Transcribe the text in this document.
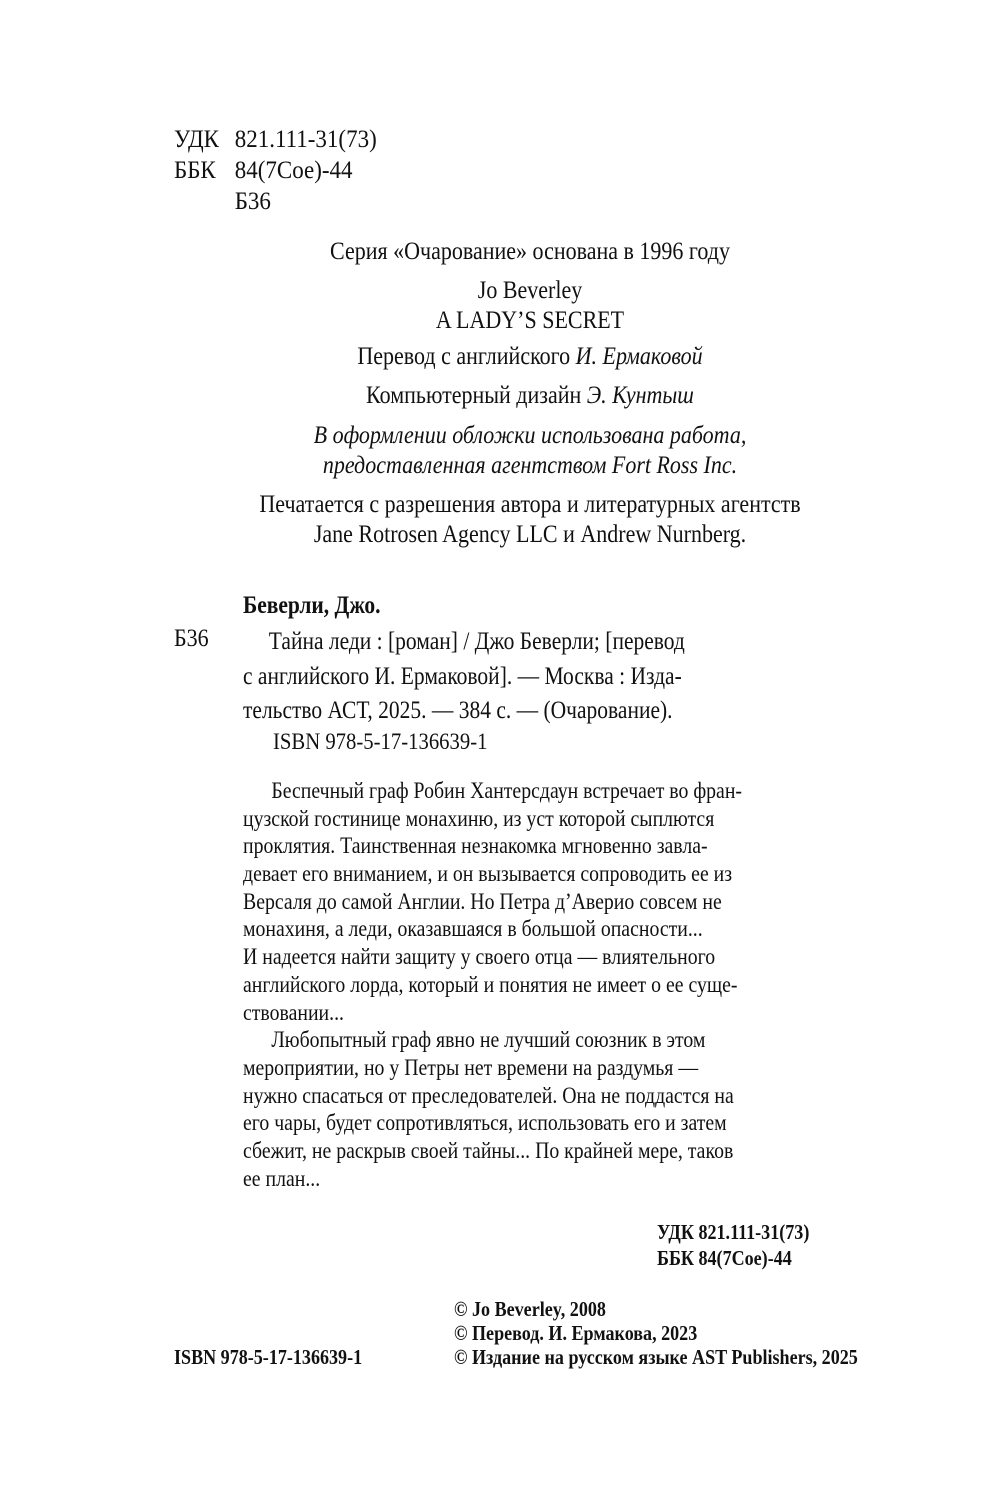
УДК 821.111-31(73)
ББК 84(7Сое)-44
Б36
Серия «Очарование» основана в 1996 году
Jo Beverley
A LADY’S SECRET
Перевод с английского И. Ермаковой
Компьютерный дизайн Э. Кунтыш
В оформлении обложки использована работа,
предоставленная агентством Fort Ross Inc.
Печатается с разрешения автора и литературных агентств
Jane Rotrosen Agency LLC и Andrew Nurnberg.
Беверли, Джо.
Б36	Тайна леди : [роман] / Джо Беверли; [перевод
с английского И. Ермаковой]. — Москва : Изда-
тельство АСТ, 2025. — 384 с. — (Очарование).
ISBN 978-5-17-136639-1
Беспечный граф Робин Хантерсдаун встречает во фран-
цузской гостинице монахиню, из уст которой сыплются
проклятия. Таинственная незнакомка мгновенно завла-
девает его вниманием, и он вызывается сопроводить ее из
Версаля до самой Англии. Но Петра д’Аверио совсем не
монахиня, а леди, оказавшаяся в большой опасности...
И надеется найти защиту у своего отца — влиятельного
английского лорда, который и понятия не имеет о ее суще-
ствовании...
Любопытный граф явно не лучший союзник в этом
мероприятии, но у Петры нет времени на раздумья —
нужно спасаться от преследователей. Она не поддастся на
его чары, будет сопротивляться, использовать его и затем
сбежит, не раскрыв своей тайны... По крайней мере, таков
ее план...
УДК 821.111-31(73)
ББК 84(7Сое)-44
© Jo Beverley, 2008
© Перевод. И. Ермакова, 2023
© Издание на русском языке AST Publishers, 2025
ISBN 978-5-17-136639-1
